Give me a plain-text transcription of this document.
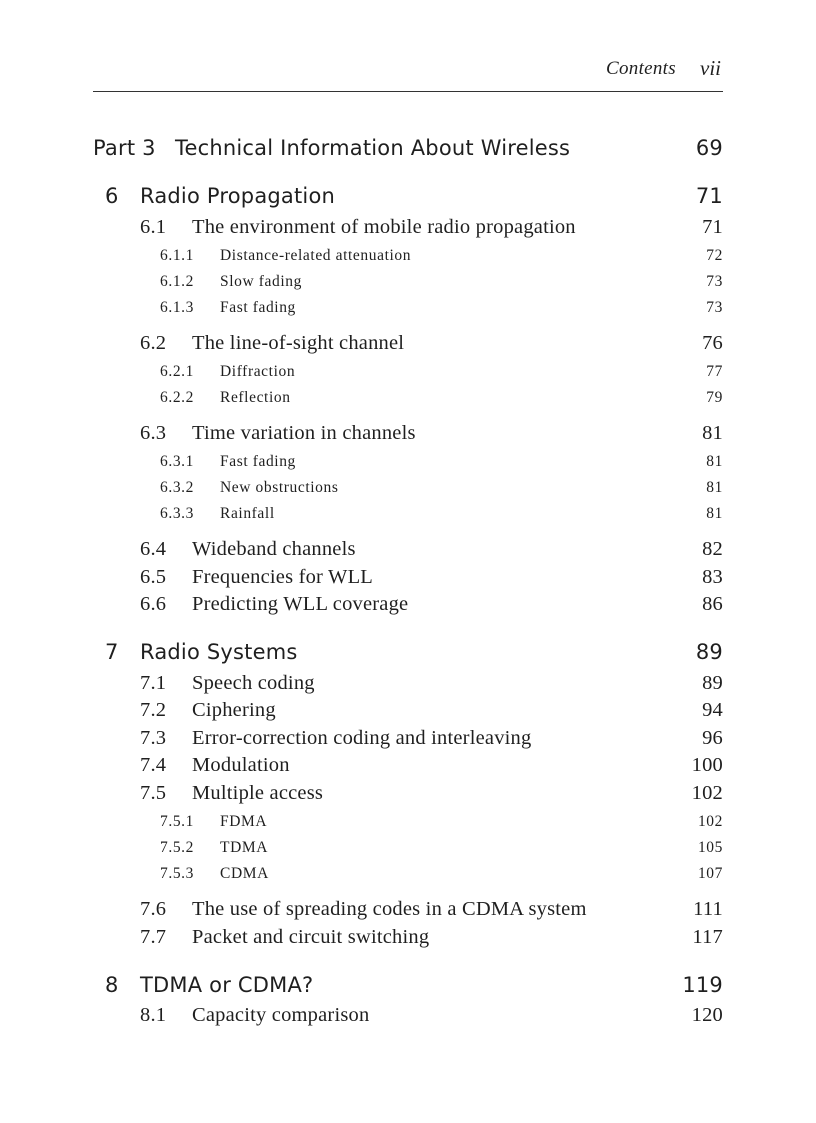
Contents vii
Part 3 Technical Information About Wireless	69
6 Radio Propagation	71
6.1 The environment of mobile radio propagation	71
6.1.1 Distance-related attenuation	72
6.1.2 Slow fading	73
6.1.3 Fast fading	73
6.2 The line-of-sight channel	76
6.2.1 Diffraction	77
6.2.2 Reflection	79
6.3 Time variation in channels	81
6.3.1 Fast fading	81
6.3.2 New obstructions	81
6.3.3 Rainfall	81
6.4 Wideband channels	82
6.5 Frequencies for WLL	83
6.6 Predicting WLL coverage	86
7 Radio Systems	89
7.1 Speech coding	89
7.2 Ciphering	94
7.3 Error-correction coding and interleaving	96
7.4 Modulation	100
7.5 Multiple access	102
7.5.1 FDMA	102
7.5.2 TDMA	105
7.5.3 CDMA	107
7.6 The use of spreading codes in a CDMA system	111
7.7 Packet and circuit switching	117
8 TDMA or CDMA?	119
8.1 Capacity comparison	120
